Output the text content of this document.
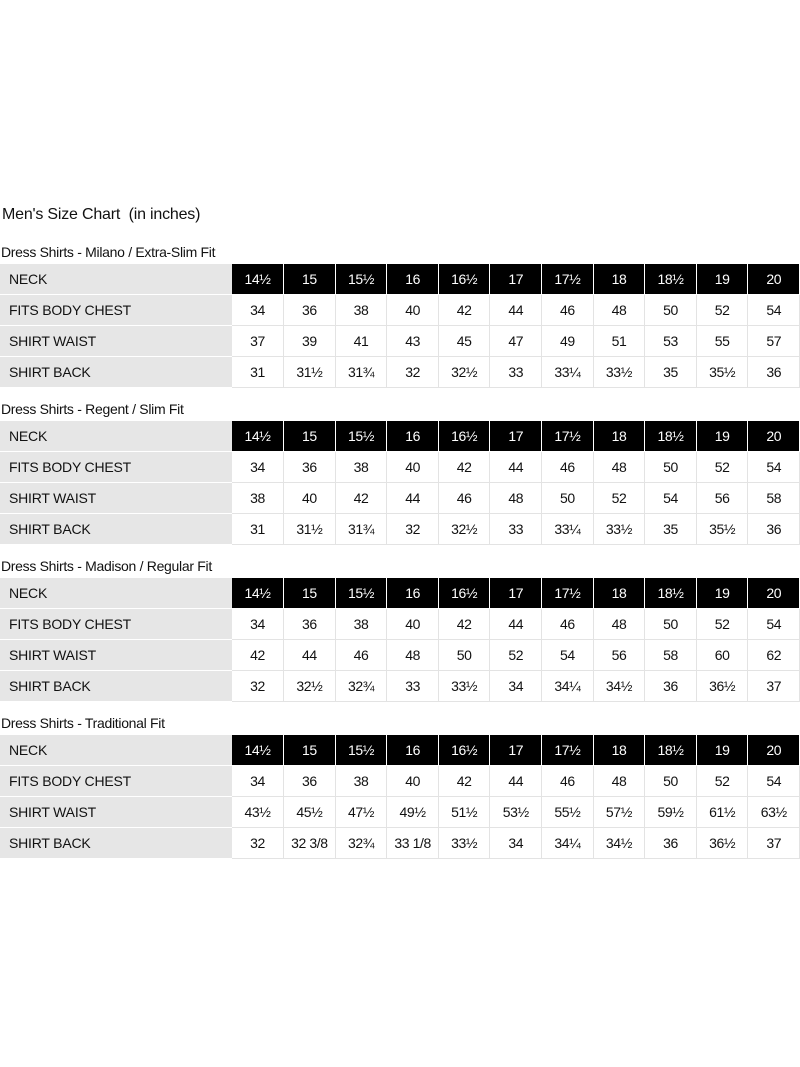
Men's Size Chart  (in inches)
Dress Shirts - Milano / Extra-Slim Fit
NECK	14½	15	15½	16	16½	17	17½	18	18½	19	20
FITS BODY CHEST	34	36	38	40	42	44	46	48	50	52	54
SHIRT WAIST	37	39	41	43	45	47	49	51	53	55	57
SHIRT BACK	31	31½	31¾	32	32½	33	33¼	33½	35	35½	36
Dress Shirts - Regent / Slim Fit
NECK	14½	15	15½	16	16½	17	17½	18	18½	19	20
FITS BODY CHEST	34	36	38	40	42	44	46	48	50	52	54
SHIRT WAIST	38	40	42	44	46	48	50	52	54	56	58
SHIRT BACK	31	31½	31¾	32	32½	33	33¼	33½	35	35½	36
Dress Shirts - Madison / Regular Fit
NECK	14½	15	15½	16	16½	17	17½	18	18½	19	20
FITS BODY CHEST	34	36	38	40	42	44	46	48	50	52	54
SHIRT WAIST	42	44	46	48	50	52	54	56	58	60	62
SHIRT BACK	32	32½	32¾	33	33½	34	34¼	34½	36	36½	37
Dress Shirts - Traditional Fit
NECK	14½	15	15½	16	16½	17	17½	18	18½	19	20
FITS BODY CHEST	34	36	38	40	42	44	46	48	50	52	54
SHIRT WAIST	43½	45½	47½	49½	51½	53½	55½	57½	59½	61½	63½
SHIRT BACK	32	32 3/8	32¾	33 1/8	33½	34	34¼	34½	36	36½	37
